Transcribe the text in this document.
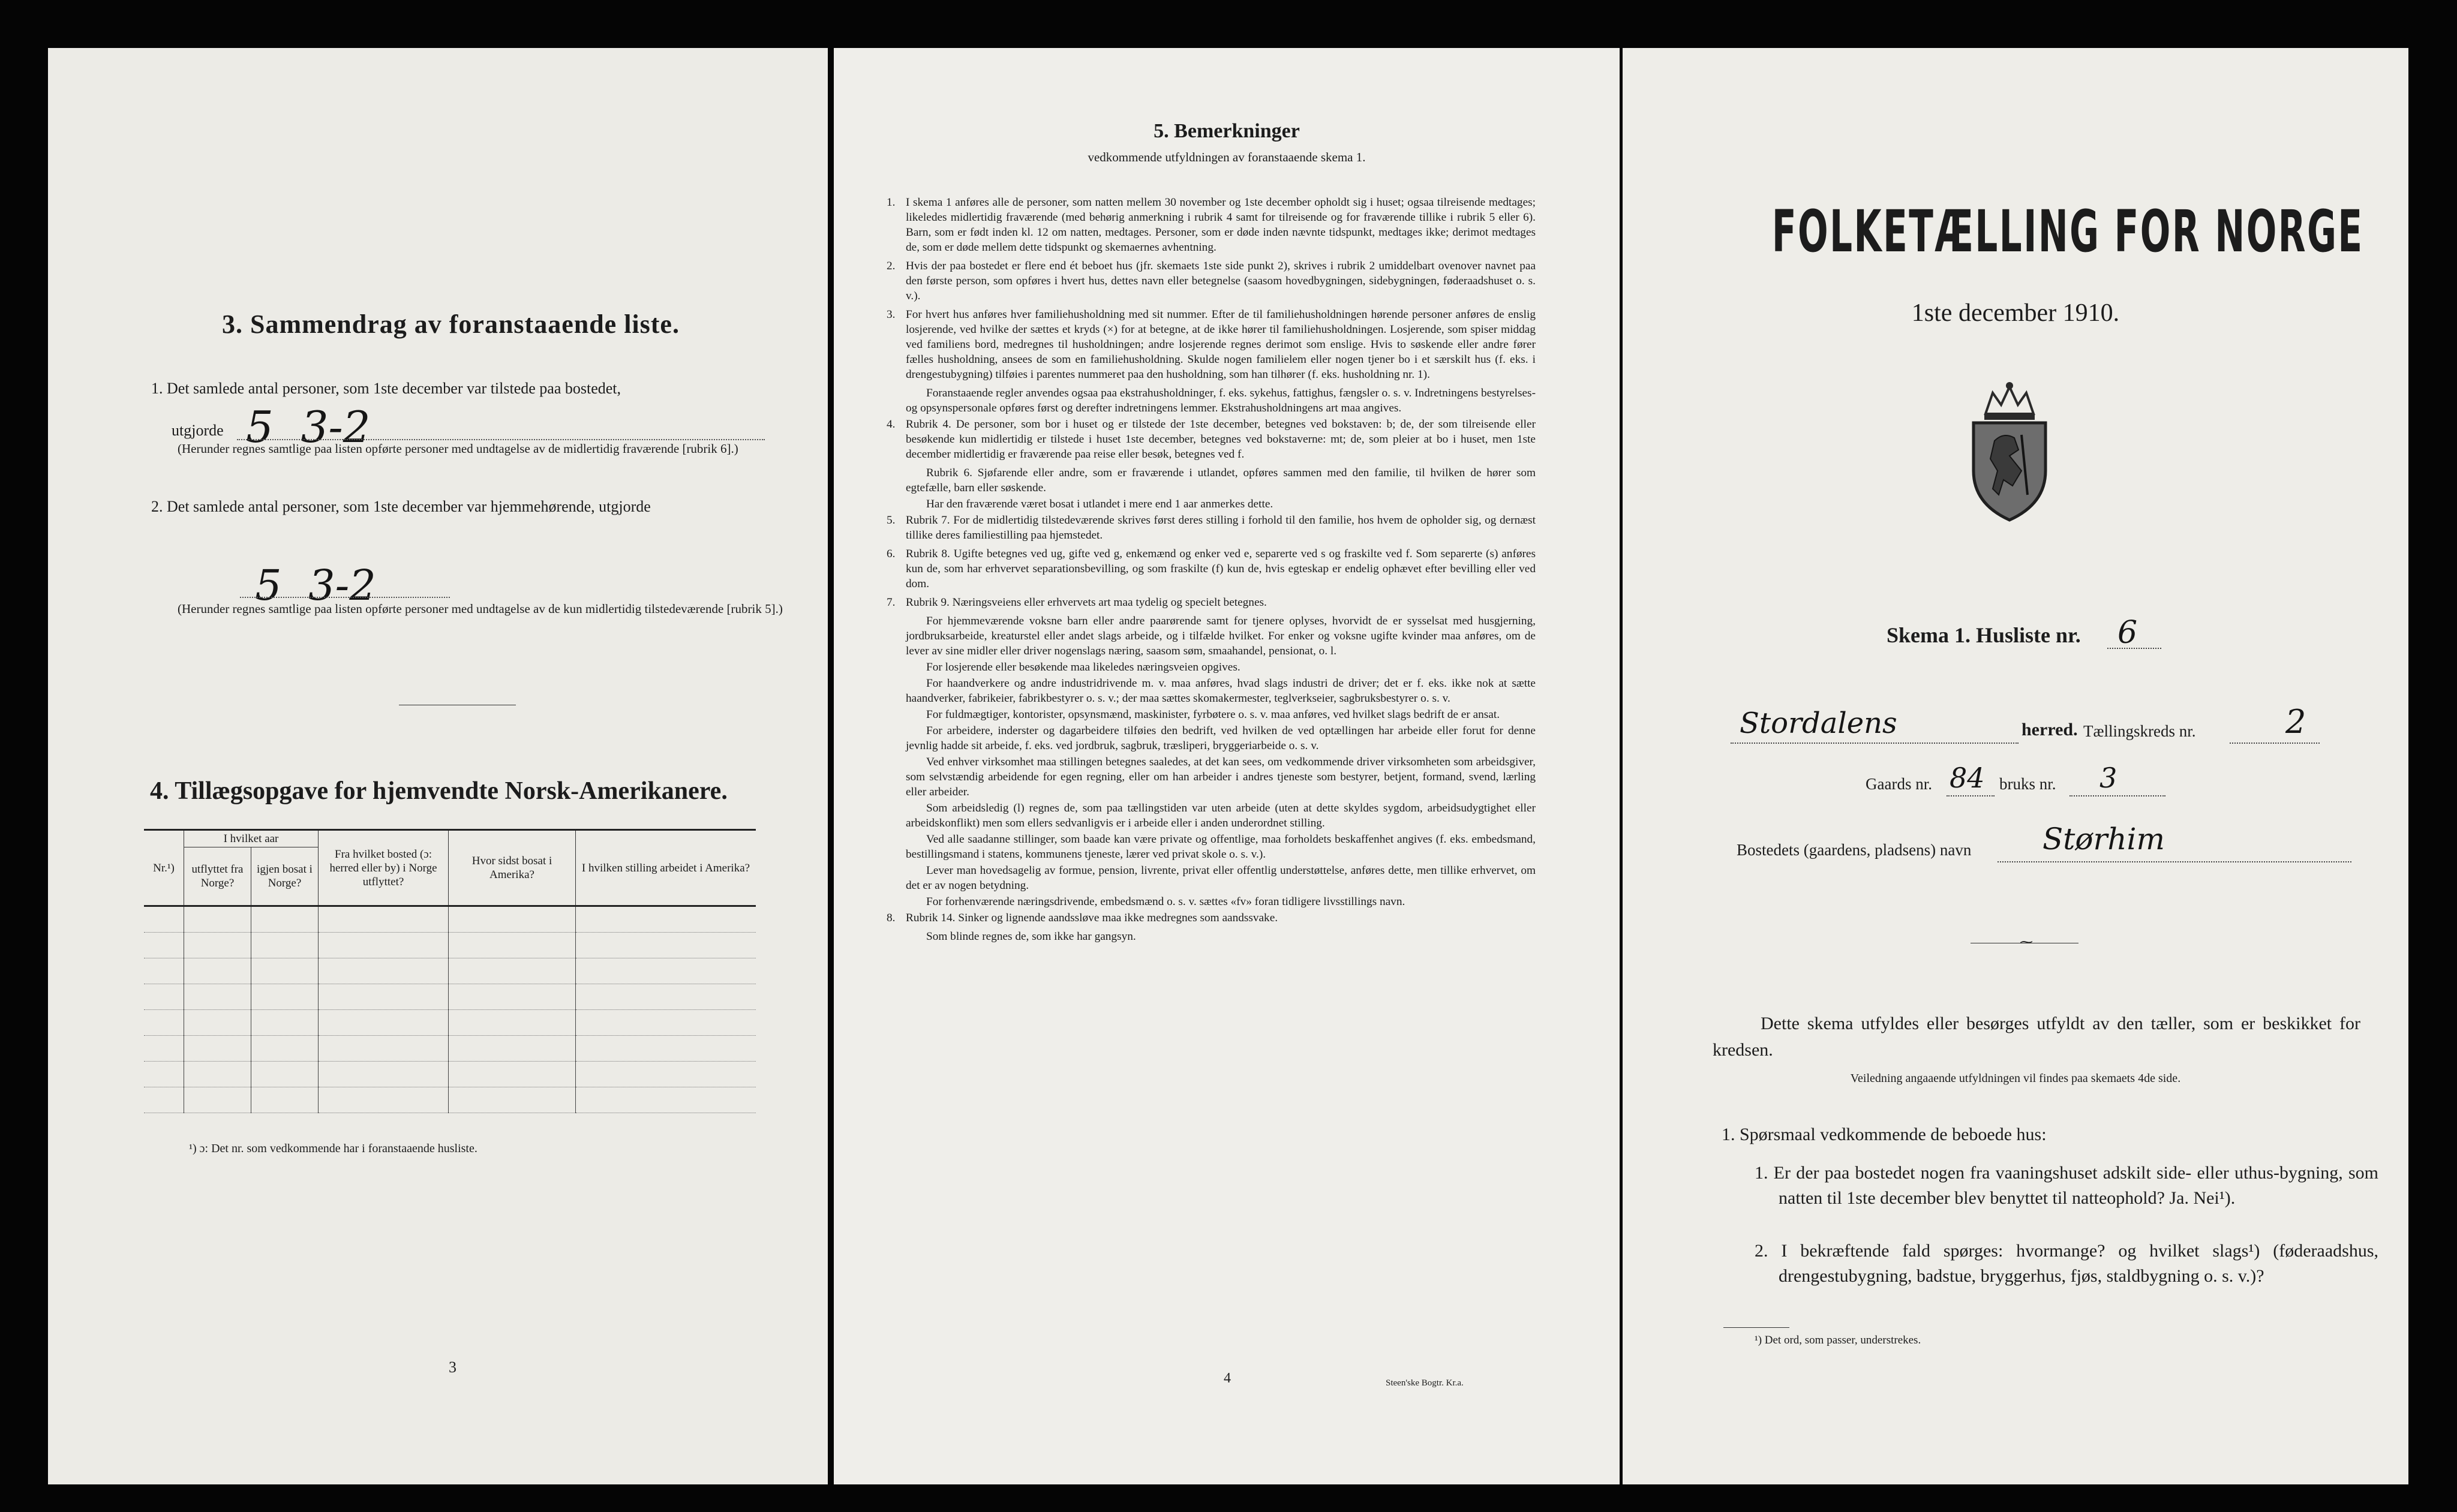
3. Sammendrag av foranstaaende liste.
1. Det samlede antal personer, som 1ste december var tilstede paa bostedet,
utgjorde 5  3-2
(Herunder regnes samtlige paa listen opførte personer med undtagelse av de midlertidig fraværende [rubrik 6].)
2. Det samlede antal personer, som 1ste december var hjemmehørende, utgjorde
5  3-2
(Herunder regnes samtlige paa listen opførte personer med undtagelse av de kun midlertidig tilstedeværende [rubrik 5].)
4. Tillægsopgave for hjemvendte Norsk-Amerikanere.
Nr.¹)	I hvilket aar		Fra hvilket bosted (ɔ: herred eller by) i Norge utflyttet?	Hvor sidst bosat i Amerika?	I hvilken stilling arbeidet i Amerika?
	utflyttet fra Norge?	igjen bosat i Norge?			

¹) ɔ: Det nr. som vedkommende har i foranstaaende husliste.
3
5. Bemerkninger
vedkommende utfyldningen av foranstaaende skema 1.
1. I skema 1 anføres alle de personer, som natten mellem 30 november og 1ste december opholdt sig i huset; ogsaa tilreisende medtages; likeledes midlertidig fraværende (med behørig anmerkning i rubrik 4 samt for tilreisende og for fraværende tillike i rubrik 5 eller 6). Barn, som er født inden kl. 12 om natten, medtages. Personer, som er døde inden nævnte tidspunkt, medtages ikke; derimot medtages de, som er døde mellem dette tidspunkt og skemaernes avhentning.

2. Hvis der paa bostedet er flere end ét beboet hus (jfr. skemaets 1ste side punkt 2), skrives i rubrik 2 umiddelbart ovenover navnet paa den første person, som opføres i hvert hus, dettes navn eller betegnelse (saasom hovedbygningen, sidebygningen, føderaadshuset o. s. v.).

3. For hvert hus anføres hver familiehusholdning med sit nummer. Efter de til familiehusholdningen hørende personer anføres de enslig losjerende, ved hvilke der sættes et kryds (×) for at betegne, at de ikke hører til familiehusholdningen. Losjerende, som spiser middag ved familiens bord, medregnes til husholdningen; andre losjerende regnes derimot som enslige. Hvis to søskende eller andre fører fælles husholdning, ansees de som en familiehusholdning. Skulde nogen familielem eller nogen tjener bo i et særskilt hus (f. eks. i drengestubygning) tilføies i parentes nummeret paa den husholdning, som han tilhører (f. eks. husholdning nr. 1).

Foranstaaende regler anvendes ogsaa paa ekstrahusholdninger, f. eks. sykehus, fattighus, fængsler o. s. v. Indretningens bestyrelses- og opsynspersonale opføres først og derefter indretningens lemmer. Ekstrahusholdningens art maa angives.

4. Rubrik 4. De personer, som bor i huset og er tilstede der 1ste december, betegnes ved bokstaven: b; de, der som tilreisende eller besøkende kun midlertidig er tilstede i huset 1ste december, betegnes ved bokstaverne: mt; de, som pleier at bo i huset, men 1ste december midlertidig er fraværende paa reise eller besøk, betegnes ved f.

Rubrik 6. Sjøfarende eller andre, som er fraværende i utlandet, opføres sammen med den familie, til hvilken de hører som egtefælle, barn eller søskende.

Har den fraværende været bosat i utlandet i mere end 1 aar anmerkes dette.

5. Rubrik 7. For de midlertidig tilstedeværende skrives først deres stilling i forhold til den familie, hos hvem de opholder sig, og dernæst tillike deres familiestilling paa hjemstedet.

6. Rubrik 8. Ugifte betegnes ved ug, gifte ved g, enkemænd og enker ved e, separerte ved s og fraskilte ved f. Som separerte (s) anføres kun de, som har erhvervet separationsbevilling, og som fraskilte (f) kun de, hvis egteskap er endelig ophævet efter bevilling eller ved dom.

7. Rubrik 9. Næringsveiens eller erhvervets art maa tydelig og specielt betegnes.

For hjemmeværende voksne barn eller andre paarørende samt for tjenere oplyses, hvorvidt de er sysselsat med husgjerning, jordbruksarbeide, kreaturstel eller andet slags arbeide, og i tilfælde hvilket. For enker og voksne ugifte kvinder maa anføres, om de lever av sine midler eller driver nogenslags næring, saasom søm, smaahandel, pensionat, o. l.

For losjerende eller besøkende maa likeledes næringsveien opgives.

For haandverkere og andre industridrivende m. v. maa anføres, hvad slags industri de driver; det er f. eks. ikke nok at sætte haandverker, fabrikeier, fabrikbestyrer o. s. v.; der maa sættes skomakermester, teglverkseier, sagbruksbestyrer o. s. v.

For fuldmægtiger, kontorister, opsynsmænd, maskinister, fyrbøtere o. s. v. maa anføres, ved hvilket slags bedrift de er ansat.

For arbeidere, inderster og dagarbeidere tilføies den bedrift, ved hvilken de ved optællingen har arbeide eller forut for denne jevnlig hadde sit arbeide, f. eks. ved jordbruk, sagbruk, træsliperi, bryggeriarbeide o. s. v.

Ved enhver virksomhet maa stillingen betegnes saaledes, at det kan sees, om vedkommende driver virksomheten som arbeidsgiver, som selvstændig arbeidende for egen regning, eller om han arbeider i andres tjeneste som bestyrer, betjent, formand, svend, lærling eller arbeider.

Som arbeidsledig (l) regnes de, som paa tællingstiden var uten arbeide (uten at dette skyldes sygdom, arbeidsudygtighet eller arbeidskonflikt) men som ellers sedvanligvis er i arbeide eller i anden underordnet stilling.

Ved alle saadanne stillinger, som baade kan være private og offentlige, maa forholdets beskaffenhet angives (f. eks. embedsmand, bestillingsmand i statens, kommunens tjeneste, lærer ved privat skole o. s. v.).

Lever man hovedsagelig av formue, pension, livrente, privat eller offentlig understøttelse, anføres dette, men tillike erhvervet, om det er av nogen betydning.

For forhenværende næringsdrivende, embedsmænd o. s. v. sættes «fv» foran tidligere livsstillings navn.

8. Rubrik 14. Sinker og lignende aandssløve maa ikke medregnes som aandssvake.

Som blinde regnes de, som ikke har gangsyn.

4	Steen'ske Bogtr. Kr.a.
FOLKETÆLLING FOR NORGE
1ste december 1910.
Skema 1. Husliste nr. 6
Stordalens	herred. Tællingskreds nr.	2
Gaards nr. 84 bruks nr. 3
Bostedets (gaardens, pladsens) navn Størhim
⁓
Dette skema utfyldes eller besørges utfyldt av den tæller, som er beskikket for kredsen.
Veiledning angaaende utfyldningen vil findes paa skemaets 4de side.
1. Spørsmaal vedkommende de beboede hus:
1. Er der paa bostedet nogen fra vaaningshuset adskilt side- eller uthus-bygning, som natten til 1ste december blev benyttet til natteophold? Ja. Nei¹).
2. I bekræftende fald spørges: hvormange? og hvilket slags¹) (føderaadshus, drengestubygning, badstue, bryggerhus, fjøs, staldbygning o. s. v.)?
¹) Det ord, som passer, understrekes.
